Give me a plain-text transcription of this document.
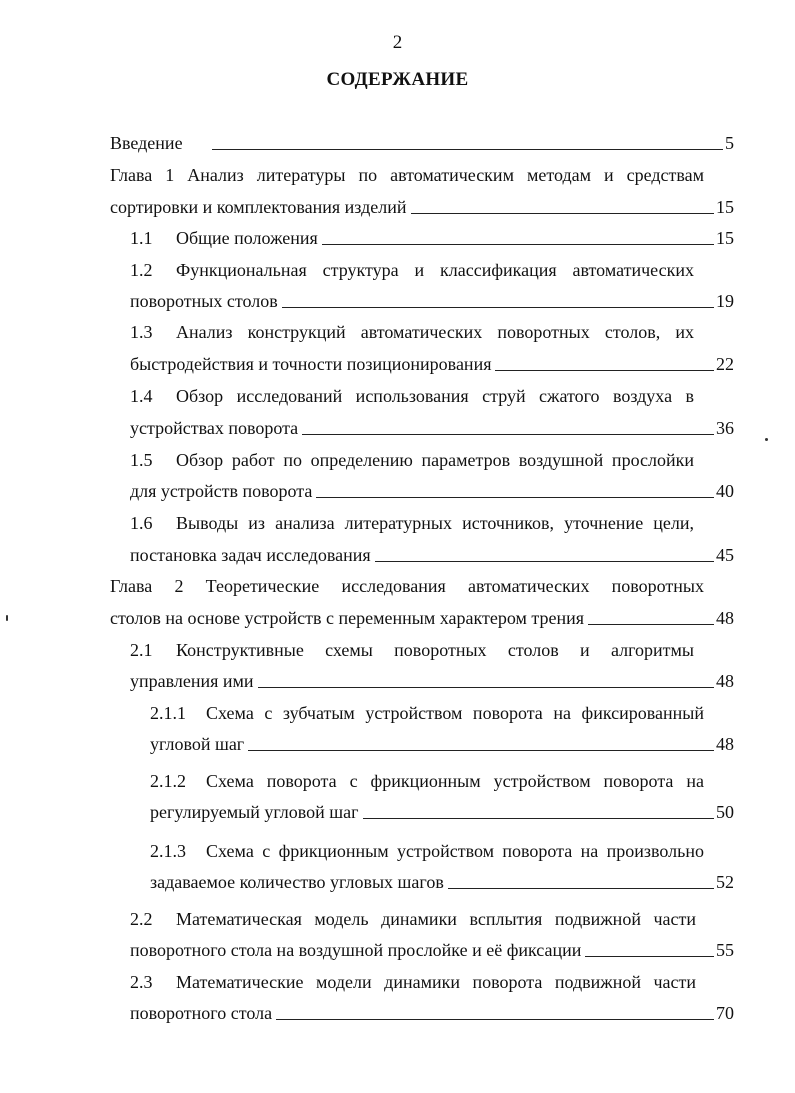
2
СОДЕРЖАНИЕ
Введение	5
Глава 1 Анализ литературы по автоматическим методам и средствам
сортировки и комплектования изделий	15
1.1	Общие положения	15
1.2	Функциональная структура и классификация автоматических
поворотных столов	19
1.3	Анализ конструкций автоматических поворотных столов, их
быстродействия и точности позиционирования	22
1.4	Обзор исследований использования струй сжатого воздуха в
устройствах поворота	36
1.5	Обзор работ по определению параметров воздушной прослойки
для устройств поворота	40
1.6	Выводы из анализа литературных источников, уточнение цели,
постановка задач исследования	45
Глава 2 Теоретические исследования автоматических поворотных
столов на основе устройств с переменным характером трения	48
2.1	Конструктивные схемы поворотных столов и алгоритмы
управления ими	48
2.1.1	Схема с зубчатым устройством поворота на фиксированный
угловой шаг	48
2.1.2	Схема поворота с фрикционным устройством поворота на
регулируемый угловой шаг	50
2.1.3	Схема с фрикционным устройством поворота на произвольно
задаваемое количество угловых шагов	52
2.2	Математическая модель динамики всплытия подвижной части
поворотного стола на воздушной прослойке и её фиксации	55
2.3	Математические модели динамики поворота подвижной части
поворотного стола	70
